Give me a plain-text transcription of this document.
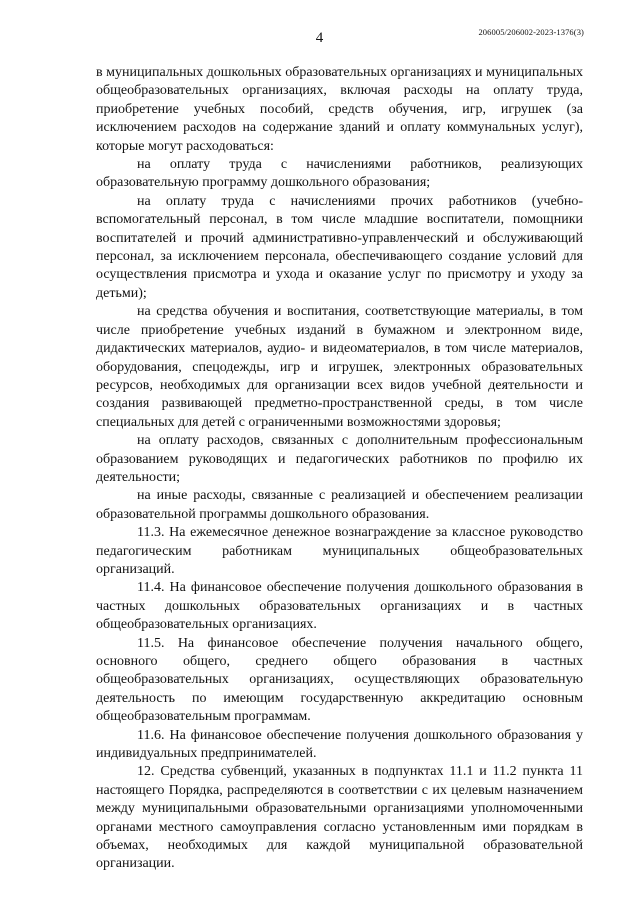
4	206005/206002-2023-1376(3)

в муниципальных дошкольных образовательных организациях и муниципальных общеобразовательных организациях, включая расходы на оплату труда, приобретение учебных пособий, средств обучения, игр, игрушек (за исключением расходов на содержание зданий и оплату коммунальных услуг), которые могут расходоваться:

на оплату труда с начислениями работников, реализующих образовательную программу дошкольного образования;

на оплату труда с начислениями прочих работников (учебно-вспомогательный персонал, в том числе младшие воспитатели, помощники воспитателей и прочий административно-управленческий и обслуживающий персонал, за исключением персонала, обеспечивающего создание условий для осуществления присмотра и ухода и оказание услуг по присмотру и уходу за детьми);

на средства обучения и воспитания, соответствующие материалы, в том числе приобретение учебных изданий в бумажном и электронном виде, дидактических материалов, аудио- и видеоматериалов, в том числе материалов, оборудования, спецодежды, игр и игрушек, электронных образовательных ресурсов, необходимых для организации всех видов учебной деятельности и создания развивающей предметно-пространственной среды, в том числе специальных для детей с ограниченными возможностями здоровья;

на оплату расходов, связанных с дополнительным профессиональным образованием руководящих и педагогических работников по профилю их деятельности;

на иные расходы, связанные с реализацией и обеспечением реализации образовательной программы дошкольного образования.

11.3. На ежемесячное денежное вознаграждение за классное руководство педагогическим работникам муниципальных общеобразовательных организаций.

11.4. На финансовое обеспечение получения дошкольного образования в частных дошкольных образовательных организациях и в частных общеобразовательных организациях.

11.5. На финансовое обеспечение получения начального общего, основного общего, среднего общего образования в частных общеобразовательных организациях, осуществляющих образовательную деятельность по имеющим государственную аккредитацию основным общеобразовательным программам.

11.6. На финансовое обеспечение получения дошкольного образования у индивидуальных предпринимателей.

12. Средства субвенций, указанных в подпунктах 11.1 и 11.2 пункта 11 настоящего Порядка, распределяются в соответствии с их целевым назначением между муниципальными образовательными организациями уполномоченными органами местного самоуправления согласно установленным ими порядкам в объемах, необходимых для каждой муниципальной образовательной организации.
